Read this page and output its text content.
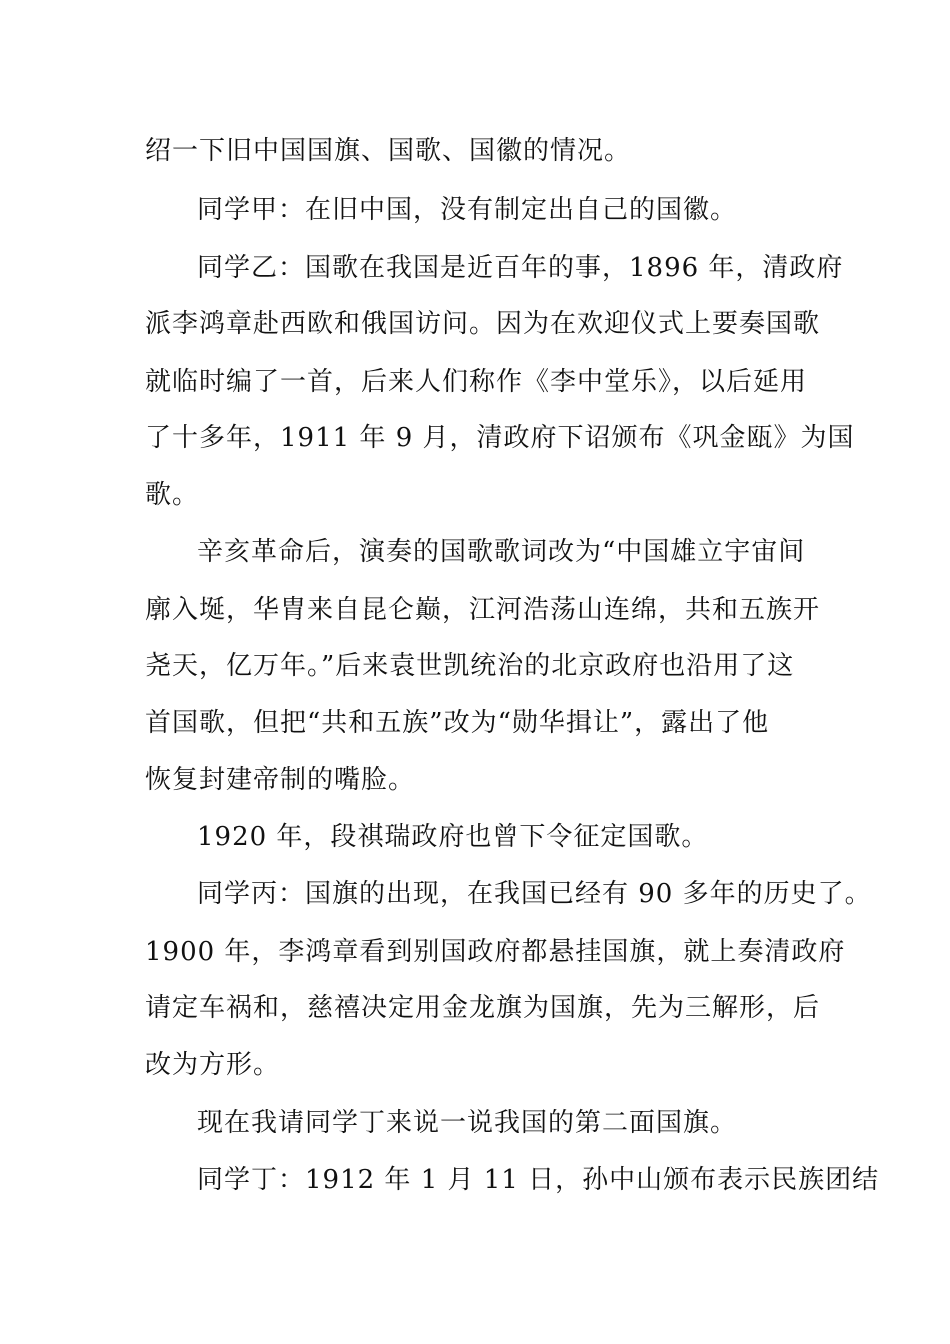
绍一下旧中国国旗、国歌、国徽的情况。
同学甲：在旧中国，没有制定出自己的国徽。
同学乙：国歌在我国是近百年的事，1896 年，清政府
派李鸿章赴西欧和俄国访问。因为在欢迎仪式上要奏国歌
就临时编了一首，后来人们称作《李中堂乐》，以后延用
了十多年，1911 年 9 月，清政府下诏颁布《巩金瓯》为国
歌。
辛亥革命后，演奏的国歌歌词改为“中国雄立宇宙间
廓入埏，华胄来自昆仑巅，江河浩荡山连绵，共和五族开
尧天，亿万年。”后来袁世凯统治的北京政府也沿用了这
首国歌，但把“共和五族”改为“勋华揖让”，露出了他
恢复封建帝制的嘴脸。
1920 年，段祺瑞政府也曾下令征定国歌。
同学丙：国旗的出现，在我国已经有 90 多年的历史了。
1900 年，李鸿章看到别国政府都悬挂国旗，就上奏清政府
请定车祸和，慈禧决定用金龙旗为国旗，先为三解形，后
改为方形。
现在我请同学丁来说一说我国的第二面国旗。
同学丁：1912 年 1 月 11 日，孙中山颁布表示民族团结
